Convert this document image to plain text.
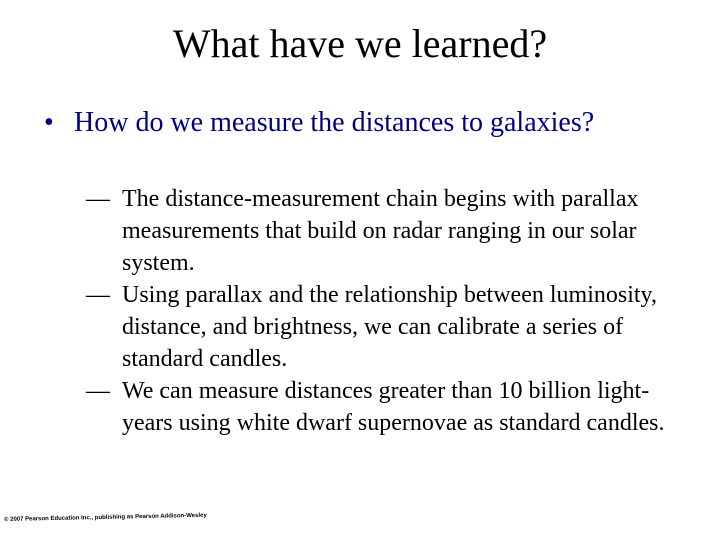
What have we learned?
• How do we measure the distances to galaxies?
— The distance-measurement chain begins with parallax measurements that build on radar ranging in our solar system.
— Using parallax and the relationship between luminosity, distance, and brightness, we can calibrate a series of standard candles.
— We can measure distances greater than 10 billion light-years using white dwarf supernovae as standard candles.
© 2007 Pearson Education Inc., publishing as Pearson Addison-Wesley
